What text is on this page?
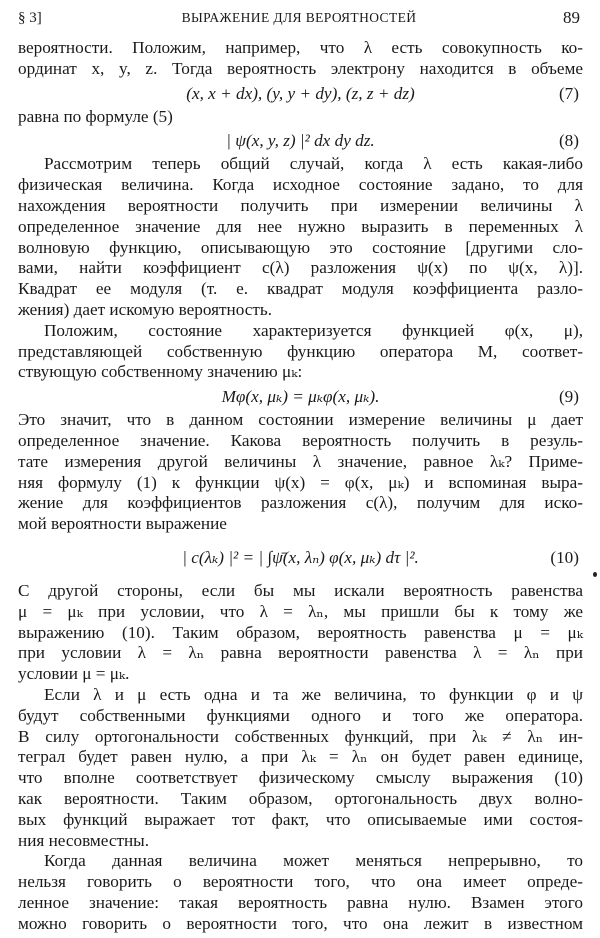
§ 3]	ВЫРАЖЕНИЕ ДЛЯ ВЕРОЯТНОСТЕЙ	89
вероятности. Положим, например, что λ есть совокупность ко-
ординат x, y, z. Тогда вероятность электрону находится в объеме
(x, x + dx), (y, y + dy), (z, z + dz)	(7)
равна по формуле (5)
| ψ(x, y, z) |² dx dy dz.	(8)
Рассмотрим теперь общий случай, когда λ есть какая-либо
физическая величина. Когда исходное состояние задано, то для
нахождения вероятности получить при измерении величины λ
определенное значение для нее нужно выразить в переменных λ
волновую функцию, описывающую это состояние [другими сло-
вами, найти коэффициент c(λ) разложения ψ(x) по ψ(x, λ)].
Квадрат ее модуля (т. е. квадрат модуля коэффициента разло-
жения) дает искомую вероятность.
Положим, состояние характеризуется функцией φ(x, μ),
представляющей собственную функцию оператора M, соответ-
ствующую собственному значению μₖ:
Mφ(x, μₖ) = μₖφ(x, μₖ).	(9)
Это значит, что в данном состоянии измерение величины μ дает
определенное значение. Какова вероятность получить в резуль-
тате измерения другой величины λ значение, равное λₖ? Приме-
няя формулу (1) к функции ψ(x) = φ(x, μₖ) и вспоминая выра-
жение для коэффициентов разложения c(λ), получим для иско-
мой вероятности выражение
| c(λₖ) |² = | ∫ψ̄(x, λₙ) φ(x, μₖ) dτ |².	(10)
С другой стороны, если бы мы искали вероятность равенства
μ = μₖ при условии, что λ = λₙ, мы пришли бы к тому же
выражению (10). Таким образом, вероятность равенства μ = μₖ
при условии λ = λₙ равна вероятности равенства λ = λₙ при
условии μ = μₖ.
Если λ и μ есть одна и та же величина, то функции φ и ψ
будут собственными функциями одного и того же оператора.
В силу ортогональности собственных функций, при λₖ ≠ λₙ ин-
теграл будет равен нулю, а при λₖ = λₙ он будет равен единице,
что вполне соответствует физическому смыслу выражения (10)
как вероятности. Таким образом, ортогональность двух волно-
вых функций выражает тот факт, что описываемые ими состоя-
ния несовместны.
Когда данная величина может меняться непрерывно, то
нельзя говорить о вероятности того, что она имеет опреде-
ленное значение: такая вероятность равна нулю. Взамен этого
можно говорить о вероятности того, что она лежит в известном
